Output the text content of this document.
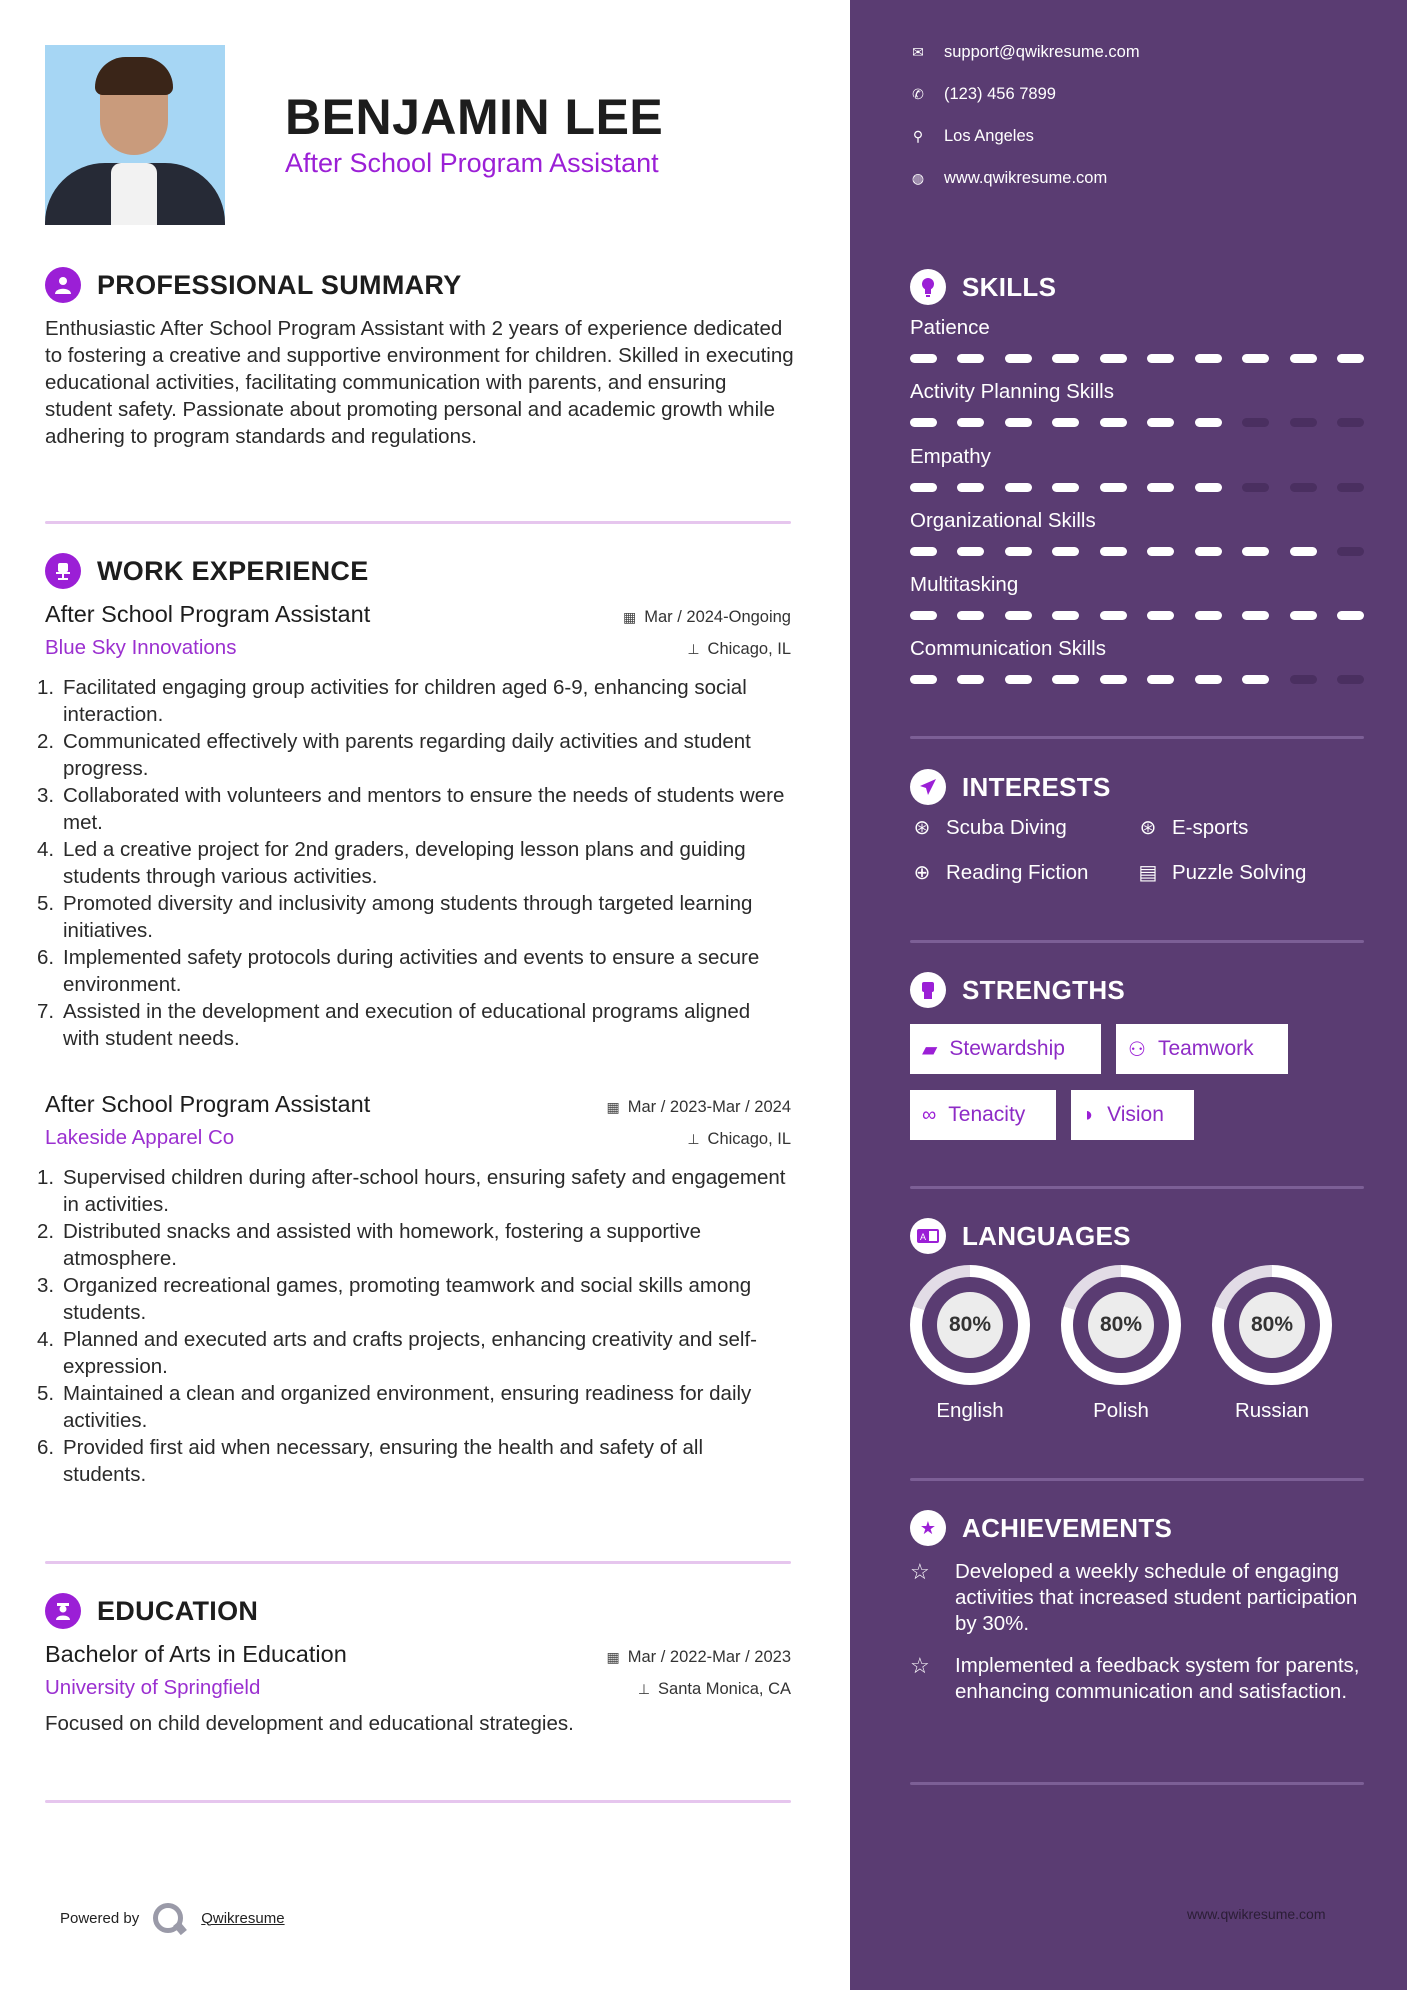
BENJAMIN LEE
After School Program Assistant
PROFESSIONAL SUMMARY
Enthusiastic After School Program Assistant with 2 years of experience dedicated to fostering a creative and supportive environment for children. Skilled in executing educational activities, facilitating communication with parents, and ensuring student safety. Passionate about promoting personal and academic growth while adhering to program standards and regulations.
WORK EXPERIENCE
After School Program Assistant	▦ Mar / 2024-Ongoing
Blue Sky Innovations	⊥ Chicago, IL
1. Facilitated engaging group activities for children aged 6-9, enhancing social interaction.
2. Communicated effectively with parents regarding daily activities and student progress.
3. Collaborated with volunteers and mentors to ensure the needs of students were met.
4. Led a creative project for 2nd graders, developing lesson plans and guiding students through various activities.
5. Promoted diversity and inclusivity among students through targeted learning initiatives.
6. Implemented safety protocols during activities and events to ensure a secure environment.
7. Assisted in the development and execution of educational programs aligned with student needs.
After School Program Assistant	▦ Mar / 2023-Mar / 2024
Lakeside Apparel Co	⊥ Chicago, IL
1. Supervised children during after-school hours, ensuring safety and engagement in activities.
2. Distributed snacks and assisted with homework, fostering a supportive atmosphere.
3. Organized recreational games, promoting teamwork and social skills among students.
4. Planned and executed arts and crafts projects, enhancing creativity and self-expression.
5. Maintained a clean and organized environment, ensuring readiness for daily activities.
6. Provided first aid when necessary, ensuring the health and safety of all students.
EDUCATION
Bachelor of Arts in Education	▦ Mar / 2022-Mar / 2023
University of Springfield	⊥ Santa Monica, CA
Focused on child development and educational strategies.
Powered by	Qwikresume
✉ support@qwikresume.com
✆ (123) 456 7899
⚲ Los Angeles
◍ www.qwikresume.com
SKILLS
Patience
Activity Planning Skills
Empathy
Organizational Skills
Multitasking
Communication Skills
INTERESTS
⊛ Scuba Diving	⊛ E-sports
⊕ Reading Fiction	▤ Puzzle Solving
STRENGTHS
▰ Stewardship	⚇ Teamwork
∞ Tenacity	◗ Vision
A LANGUAGES
80%
English
80%
Polish
80%
Russian
★ ACHIEVEMENTS
☆	Developed a weekly schedule of engaging activities that increased student participation by 30%.
☆	Implemented a feedback system for parents, enhancing communication and satisfaction.
www.qwikresume.com
